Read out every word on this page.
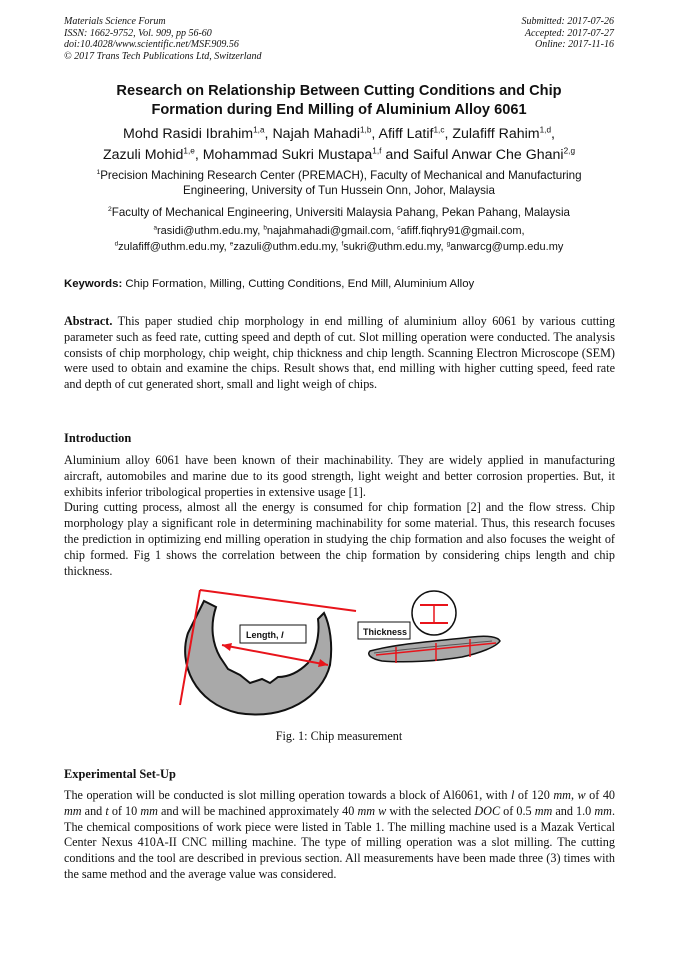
Materials Science Forum
ISSN: 1662-9752, Vol. 909, pp 56-60
doi:10.4028/www.scientific.net/MSF.909.56
© 2017 Trans Tech Publications Ltd, Switzerland
Submitted: 2017-07-26
Accepted: 2017-07-27
Online: 2017-11-16
Research on Relationship Between Cutting Conditions and Chip
Formation during End Milling of Aluminium Alloy 6061
Mohd Rasidi Ibrahim$^{1,a}$, Najah Mahadi$^{1,b}$, Afiff Latif$^{1,c}$, Zulafiff Rahim$^{1,d}$,
Zazuli Mohid$^{1,e}$, Mohammad Sukri Mustapa$^{1,f}$ and Saiful Anwar Che Ghani$^{2,g}$
$^1$Precision Machining Research Center (PREMACH), Faculty of Mechanical and Manufacturing
Engineering, University of Tun Hussein Onn, Johor, Malaysia
$^2$Faculty of Mechanical Engineering, Universiti Malaysia Pahang, Pekan Pahang, Malaysia
$^a$rasidi@uthm.edu.my, $^b$najahmahadi@gmail.com, $^c$afiff.fiqhry91@gmail.com,
$^d$zulafiff@uthm.edu.my, $^e$zazuli@uthm.edu.my, $^f$sukri@uthm.edu.my, $^g$anwarcg@ump.edu.my
Keywords: Chip Formation, Milling, Cutting Conditions, End Mill, Aluminium Alloy
Abstract. This paper studied chip morphology in end milling of aluminium alloy 6061 by various cutting parameter such as feed rate, cutting speed and depth of cut. Slot milling operation were conducted. The analysis consists of chip morphology, chip weight, chip thickness and chip length. Scanning Electron Microscope (SEM) were used to obtain and examine the chips. Result shows that, end milling with higher cutting speed, feed rate and depth of cut generated short, small and light weigh of chips.
Introduction
Aluminium alloy 6061 have been known of their machinability. They are widely applied in manufacturing aircraft, automobiles and marine due to its good strength, light weight and better corrosion properties. But, it exhibits inferior tribological properties in extensive usage [1].
During cutting process, almost all the energy is consumed for chip formation [2] and the flow stress. Chip morphology play a significant role in determining machinability for some material. Thus, this research focuses the prediction in optimizing end milling operation in studying the chip formation and also focuses the weight of chip formed. Fig 1 shows the correlation between the chip formation by considering chips length and chip thickness.
Length, l	Thickness
Fig. 1: Chip measurement
Experimental Set-Up
The operation will be conducted is slot milling operation towards a block of Al6061, with l of 120 mm, w of 40 mm and t of 10 mm and will be machined approximately 40 mm w with the selected DOC of 0.5 mm and 1.0 mm. The chemical compositions of work piece were listed in Table 1. The milling machine used is a Mazak Vertical Center Nexus 410A-II CNC milling machine. The type of milling operation was a slot milling. The cutting conditions and the tool are described in previous section. All measurements have been made three (3) times with the same method and the average value was considered.
